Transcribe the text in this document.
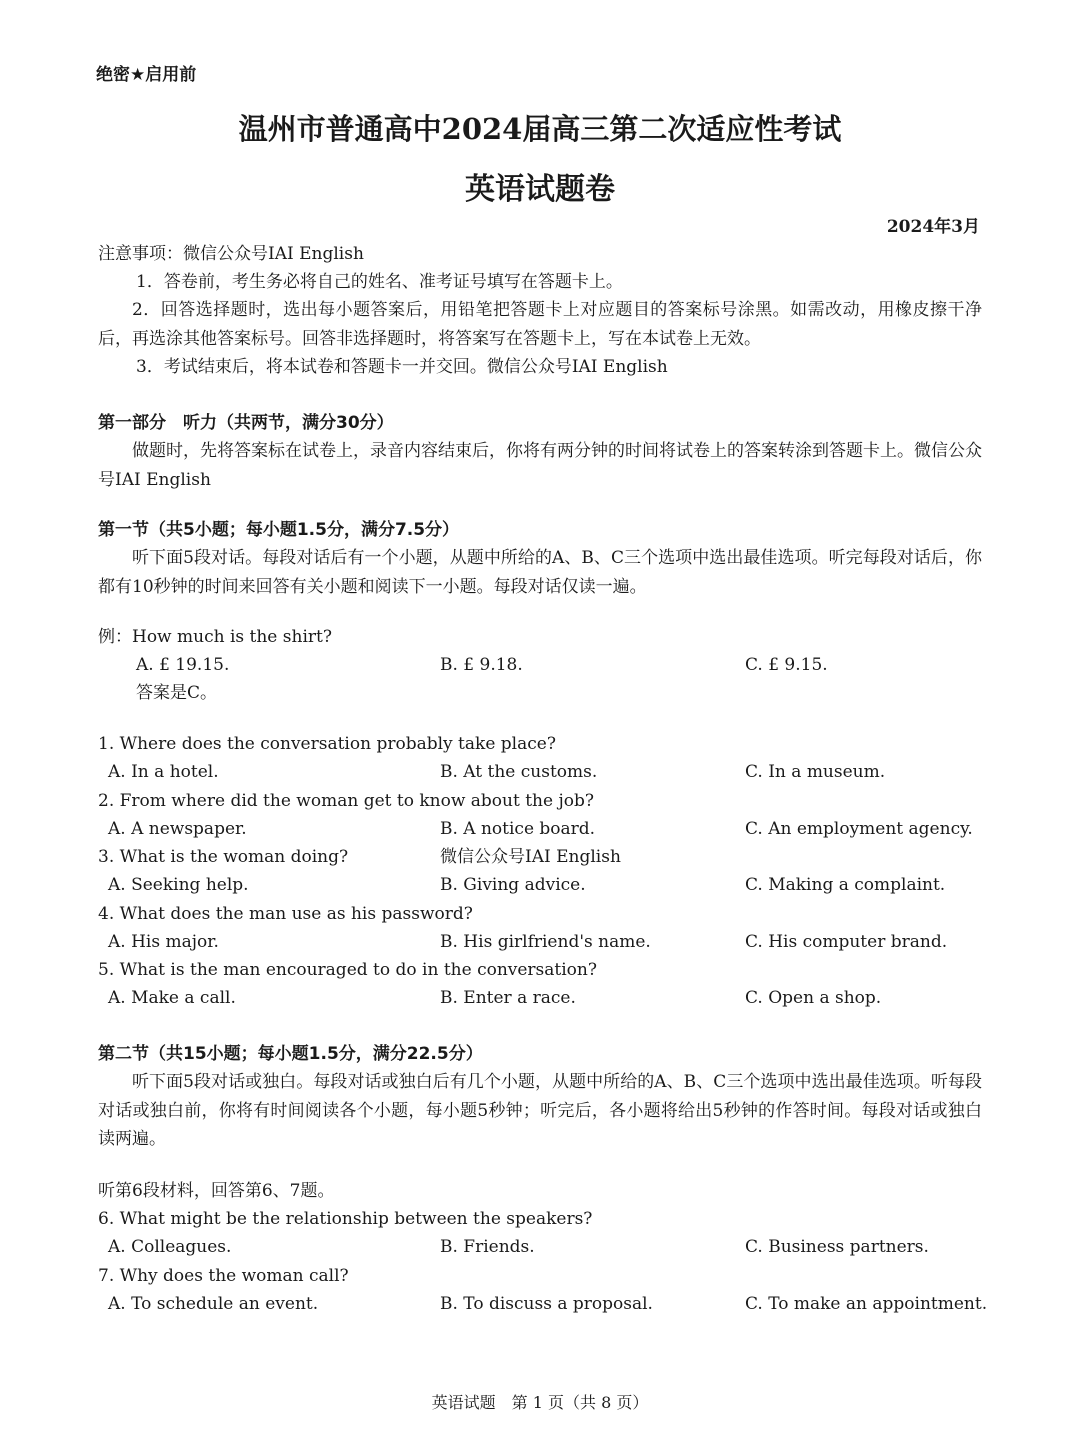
绝密★启用前
温州市普通高中2024届高三第二次适应性考试
英语试题卷
2024年3月
注意事项：微信公众号IAI English
1．答卷前，考生务必将自己的姓名、准考证号填写在答题卡上。
2．回答选择题时，选出每小题答案后，用铅笔把答题卡上对应题目的答案标号涂黑。如需改动，用橡皮擦干净后，再选涂其他答案标号。回答非选择题时，将答案写在答题卡上，写在本试卷上无效。
3．考试结束后，将本试卷和答题卡一并交回。微信公众号IAI English
第一部分　听力（共两节，满分30分）
做题时，先将答案标在试卷上，录音内容结束后，你将有两分钟的时间将试卷上的答案转涂到答题卡上。微信公众号IAI English
第一节（共5小题；每小题1.5分，满分7.5分）
听下面5段对话。每段对话后有一个小题，从题中所给的A、B、C三个选项中选出最佳选项。听完每段对话后，你都有10秒钟的时间来回答有关小题和阅读下一小题。每段对话仅读一遍。
例：How much is the shirt?
A. £ 19.15.	B. £ 9.18.	C. £ 9.15.
答案是C。
1. Where does the conversation probably take place?
A. In a hotel.	B. At the customs.	C. In a museum.
2. From where did the woman get to know about the job?
A. A newspaper.	B. A notice board.	C. An employment agency.
3. What is the woman doing?	微信公众号IAI English
A. Seeking help.	B. Giving advice.	C. Making a complaint.
4. What does the man use as his password?
A. His major.	B. His girlfriend's name.	C. His computer brand.
5. What is the man encouraged to do in the conversation?
A. Make a call.	B. Enter a race.	C. Open a shop.
第二节（共15小题；每小题1.5分，满分22.5分）
听下面5段对话或独白。每段对话或独白后有几个小题，从题中所给的A、B、C三个选项中选出最佳选项。听每段对话或独白前，你将有时间阅读各个小题，每小题5秒钟；听完后，各小题将给出5秒钟的作答时间。每段对话或独白读两遍。
听第6段材料，回答第6、7题。
6. What might be the relationship between the speakers?
A. Colleagues.	B. Friends.	C. Business partners.
7. Why does the woman call?
A. To schedule an event.	B. To discuss a proposal.	C. To make an appointment.
英语试题　第 1 页（共 8 页）
